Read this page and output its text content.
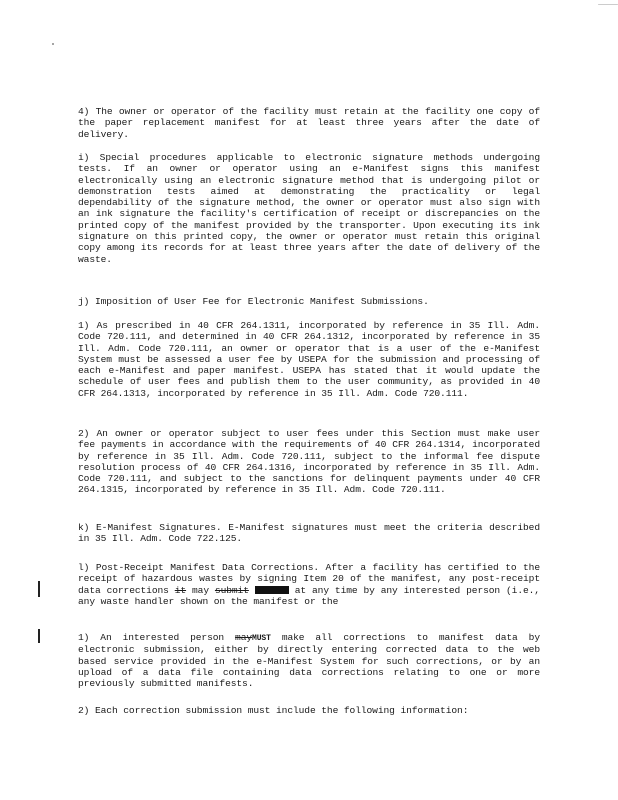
4) The owner or operator of the facility must retain at the facility one copy of the paper replacement manifest for at least three years after the date of delivery.

i) Special procedures applicable to electronic signature methods undergoing tests. If an owner or operator using an e-Manifest signs this manifest electronically using an electronic signature method that is undergoing pilot or demonstration tests aimed at demonstrating the practicality or legal dependability of the signature method, the owner or operator must also sign with an ink signature the facility's certification of receipt or discrepancies on the printed copy of the manifest provided by the transporter. Upon executing its ink signature on this printed copy, the owner or operator must retain this original copy among its records for at least three years after the date of delivery of the waste.

j) Imposition of User Fee for Electronic Manifest Submissions.

1) As prescribed in 40 CFR 264.1311, incorporated by reference in 35 Ill. Adm. Code 720.111, and determined in 40 CFR 264.1312, incorporated by reference in 35 Ill. Adm. Code 720.111, an owner or operator that is a user of the e-Manifest System must be assessed a user fee by USEPA for the submission and processing of each e-Manifest and paper manifest. USEPA has stated that it would update the schedule of user fees and publish them to the user community, as provided in 40 CFR 264.1313, incorporated by reference in 35 Ill. Adm. Code 720.111.

2) An owner or operator subject to user fees under this Section must make user fee payments in accordance with the requirements of 40 CFR 264.1314, incorporated by reference in 35 Ill. Adm. Code 720.111, subject to the informal fee dispute resolution process of 40 CFR 264.1316, incorporated by reference in 35 Ill. Adm. Code 720.111, and subject to the sanctions for delinquent payments under 40 CFR 264.1315, incorporated by reference in 35 Ill. Adm. Code 720.111.

k) E-Manifest Signatures. E-Manifest signatures must meet the criteria described in 35 Ill. Adm. Code 722.125.

l) Post-Receipt Manifest Data Corrections. After a facility has certified to the receipt of hazardous wastes by signing Item 20 of the manifest, any post-receipt data corrections it may submit	at any time by any interested person (i.e., any waste handler shown on the manifest or the

1) An interested person mayMUST make all corrections to manifest data by electronic submission, either by directly entering corrected data to the web based service provided in the e-Manifest System for such corrections, or by an upload of a data file containing data corrections relating to one or more previously submitted manifests.

2) Each correction submission must include the following information:
